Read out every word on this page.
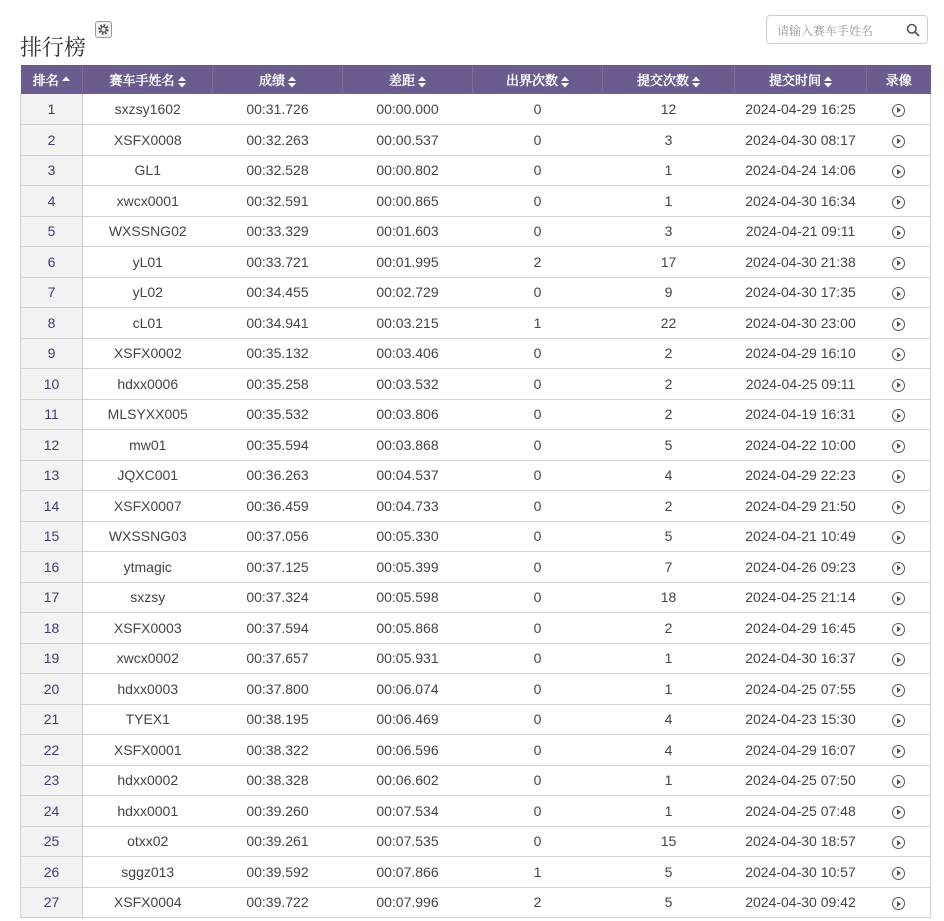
排行榜
请输入赛车手姓名
排名	赛车手姓名	成绩	差距	出界次数	提交次数	提交时间	录像
1	sxzsy1602	00:31.726	00:00.000	0	12	2024-04-29 16:25	
2	XSFX0008	00:32.263	00:00.537	0	3	2024-04-30 08:17	
3	GL1	00:32.528	00:00.802	0	1	2024-04-24 14:06	
4	xwcx0001	00:32.591	00:00.865	0	1	2024-04-30 16:34	
5	WXSSNG02	00:33.329	00:01.603	0	3	2024-04-21 09:11	
6	yL01	00:33.721	00:01.995	2	17	2024-04-30 21:38	
7	yL02	00:34.455	00:02.729	0	9	2024-04-30 17:35	
8	cL01	00:34.941	00:03.215	1	22	2024-04-30 23:00	
9	XSFX0002	00:35.132	00:03.406	0	2	2024-04-29 16:10	
10	hdxx0006	00:35.258	00:03.532	0	2	2024-04-25 09:11	
11	MLSYXX005	00:35.532	00:03.806	0	2	2024-04-19 16:31	
12	mw01	00:35.594	00:03.868	0	5	2024-04-22 10:00	
13	JQXC001	00:36.263	00:04.537	0	4	2024-04-29 22:23	
14	XSFX0007	00:36.459	00:04.733	0	2	2024-04-29 21:50	
15	WXSSNG03	00:37.056	00:05.330	0	5	2024-04-21 10:49	
16	ytmagic	00:37.125	00:05.399	0	7	2024-04-26 09:23	
17	sxzsy	00:37.324	00:05.598	0	18	2024-04-25 21:14	
18	XSFX0003	00:37.594	00:05.868	0	2	2024-04-29 16:45	
19	xwcx0002	00:37.657	00:05.931	0	1	2024-04-30 16:37	
20	hdxx0003	00:37.800	00:06.074	0	1	2024-04-25 07:55	
21	TYEX1	00:38.195	00:06.469	0	4	2024-04-23 15:30	
22	XSFX0001	00:38.322	00:06.596	0	4	2024-04-29 16:07	
23	hdxx0002	00:38.328	00:06.602	0	1	2024-04-25 07:50	
24	hdxx0001	00:39.260	00:07.534	0	1	2024-04-25 07:48	
25	otxx02	00:39.261	00:07.535	0	15	2024-04-30 18:57	
26	sggz013	00:39.592	00:07.866	1	5	2024-04-30 10:57	
27	XSFX0004	00:39.722	00:07.996	2	5	2024-04-30 09:42	
